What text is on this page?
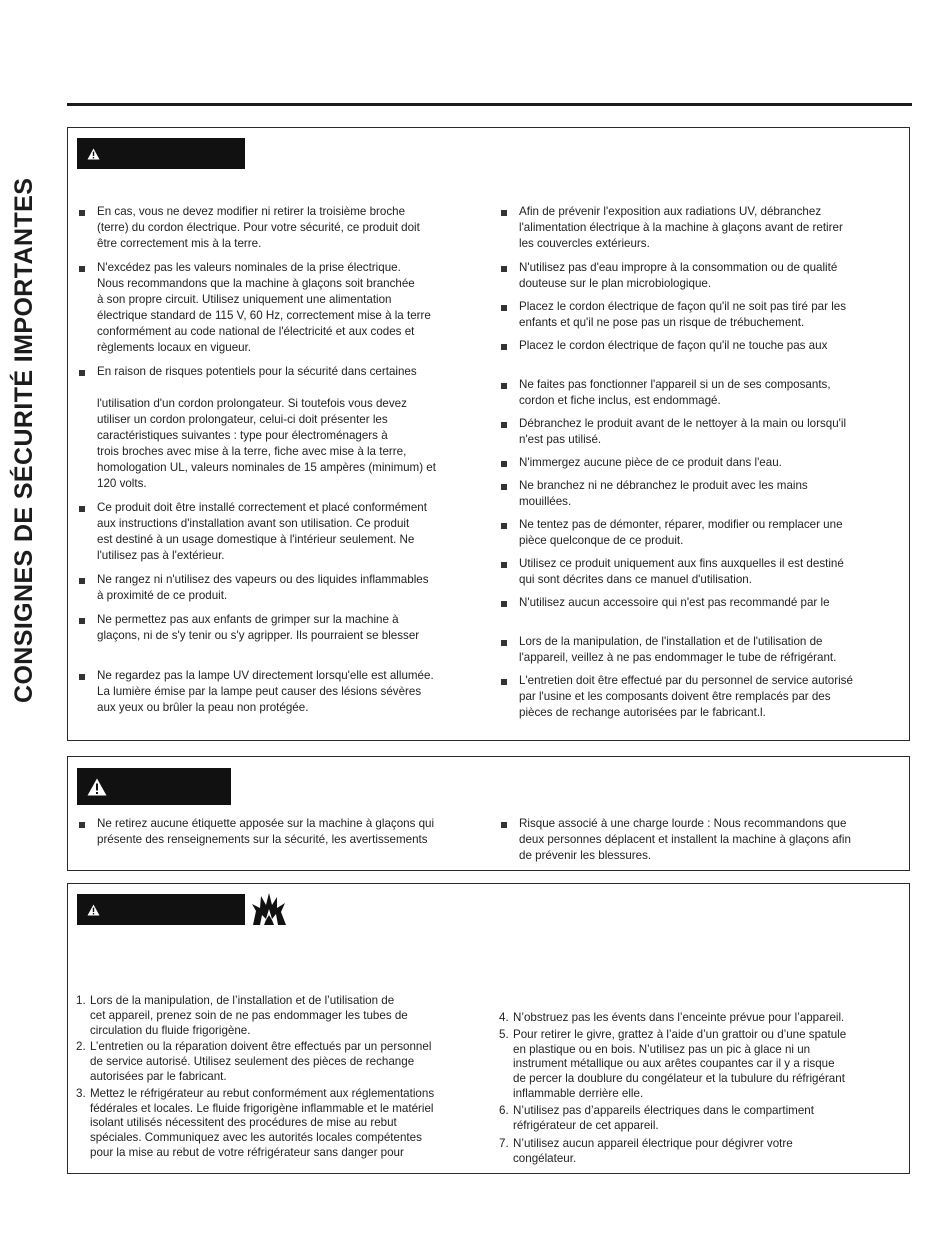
CONSIGNES DE SÉCURITÉ IMPORTANTES	En cas, vous ne devez modifier ni retirer la troisième broche
(terre) du cordon électrique. Pour votre sécurité, ce produit doit
être correctement mis à la terre.
N'excédez pas les valeurs nominales de la prise électrique.
Nous recommandons que la machine à glaçons soit branchée
à son propre circuit. Utilisez uniquement une alimentation
électrique standard de 115 V, 60 Hz, correctement mise à la terre
conformément au code national de l'électricité et aux codes et
règlements locaux en vigueur.
En raison de risques potentiels pour la sécurité dans certaines

l'utilisation d'un cordon prolongateur. Si toutefois vous devez
utiliser un cordon prolongateur, celui-ci doit présenter les
caractéristiques suivantes : type pour électroménagers à
trois broches avec mise à la terre, fiche avec mise à la terre,
homologation UL, valeurs nominales de 15 ampères (minimum) et
120 volts.
Ce produit doit être installé correctement et placé conformément
aux instructions d'installation avant son utilisation. Ce produit
est destiné à un usage domestique à l'intérieur seulement. Ne
l'utilisez pas à l'extérieur.
Ne rangez ni n'utilisez des vapeurs ou des liquides inflammables
à proximité de ce produit.
Ne permettez pas aux enfants de grimper sur la machine à
glaçons, ni de s'y tenir ou s'y agripper. Ils pourraient se blesser
Ne regardez pas la lampe UV directement lorsqu'elle est allumée.
La lumière émise par la lampe peut causer des lésions sévères
aux yeux ou brûler la peau non protégée.
Afin de prévenir l'exposition aux radiations UV, débranchez
l'alimentation électrique à la machine à glaçons avant de retirer
les couvercles extérieurs.
N'utilisez pas d'eau impropre à la consommation ou de qualité
douteuse sur le plan microbiologique.
Placez le cordon électrique de façon qu'il ne soit pas tiré par les
enfants et qu'il ne pose pas un risque de trébuchement.
Placez le cordon électrique de façon qu'il ne touche pas aux
Ne faites pas fonctionner l'appareil si un de ses composants,
cordon et fiche inclus, est endommagé.
Débranchez le produit avant de le nettoyer à la main ou lorsqu'il
n'est pas utilisé.
N'immergez aucune pièce de ce produit dans l'eau.
Ne branchez ni ne débranchez le produit avec les mains
mouillées.
Ne tentez pas de démonter, réparer, modifier ou remplacer une
pièce quelconque de ce produit.
Utilisez ce produit uniquement aux fins auxquelles il est destiné
qui sont décrites dans ce manuel d'utilisation.
N'utilisez aucun accessoire qui n'est pas recommandé par le
Lors de la manipulation, de l'installation et de l'utilisation de
l'appareil, veillez à ne pas endommager le tube de réfrigérant.
L'entretien doit être effectué par du personnel de service autorisé
par l'usine et les composants doivent être remplacés par des
pièces de rechange autorisées par le fabricant.l.
Ne retirez aucune étiquette apposée sur la machine à glaçons qui
présente des renseignements sur la sécurité, les avertissements
Risque associé à une charge lourde : Nous recommandons que
deux personnes déplacent et installent la machine à glaçons afin
de prévenir les blessures.
1. Lors de la manipulation, de l’installation et de l’utilisation de
cet appareil, prenez soin de ne pas endommager les tubes de
circulation du fluide frigorigène.
2. L’entretien ou la réparation doivent être effectués par un personnel
de service autorisé. Utilisez seulement des pièces de rechange
autorisées par le fabricant.
3. Mettez le réfrigérateur au rebut conformément aux réglementations
fédérales et locales. Le fluide frigorigène inflammable et le matériel
isolant utilisés nécessitent des procédures de mise au rebut
spéciales. Communiquez avec les autorités locales compétentes
pour la mise au rebut de votre réfrigérateur sans danger pour
4. N’obstruez pas les évents dans l’enceinte prévue pour l’appareil.
5. Pour retirer le givre, grattez à l’aide d’un grattoir ou d’une spatule
en plastique ou en bois. N’utilisez pas un pic à glace ni un
instrument métallique ou aux arêtes coupantes car il y a risque
de percer la doublure du congélateur et la tubulure du réfrigérant
inflammable derrière elle.
6. N’utilisez pas d’appareils électriques dans le compartiment
réfrigérateur de cet appareil.
7. N’utilisez aucun appareil électrique pour dégivrer votre
congélateur.
